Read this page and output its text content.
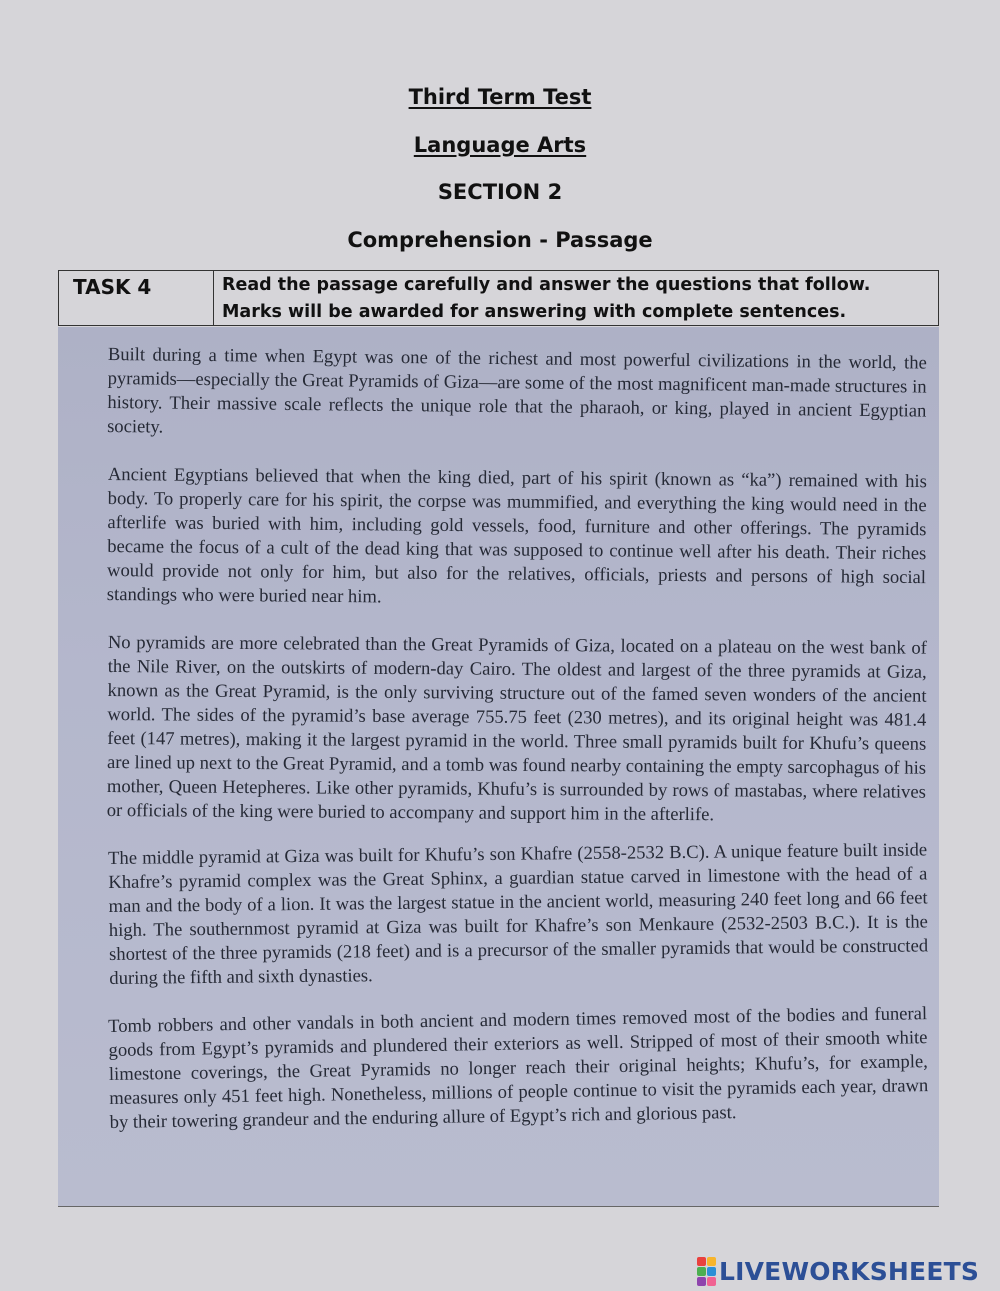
Third Term Test
Language Arts
SECTION 2
Comprehension - Passage
TASK 4	Read the passage carefully and answer the questions that follow. Marks will be awarded for answering with complete sentences.

Built during a time when Egypt was one of the richest and most powerful civilizations in the world, the pyramids—especially the Great Pyramids of Giza—are some of the most magnificent man-made structures in history. Their massive scale reflects the unique role that the pharaoh, or king, played in ancient Egyptian society.

Ancient Egyptians believed that when the king died, part of his spirit (known as “ka”) remained with his body. To properly care for his spirit, the corpse was mummified, and everything the king would need in the afterlife was buried with him, including gold vessels, food, furniture and other offerings. The pyramids became the focus of a cult of the dead king that was supposed to continue well after his death. Their riches would provide not only for him, but also for the relatives, officials, priests and persons of high social standings who were buried near him.

No pyramids are more celebrated than the Great Pyramids of Giza, located on a plateau on the west bank of the Nile River, on the outskirts of modern-day Cairo. The oldest and largest of the three pyramids at Giza, known as the Great Pyramid, is the only surviving structure out of the famed seven wonders of the ancient world. The sides of the pyramid’s base average 755.75 feet (230 metres), and its original height was 481.4 feet (147 metres), making it the largest pyramid in the world. Three small pyramids built for Khufu’s queens are lined up next to the Great Pyramid, and a tomb was found nearby containing the empty sarcophagus of his mother, Queen Hetepheres. Like other pyramids, Khufu’s is surrounded by rows of mastabas, where relatives or officials of the king were buried to accompany and support him in the afterlife.

The middle pyramid at Giza was built for Khufu’s son Khafre (2558-2532 B.C). A unique feature built inside Khafre’s pyramid complex was the Great Sphinx, a guardian statue carved in limestone with the head of a man and the body of a lion. It was the largest statue in the ancient world, measuring 240 feet long and 66 feet high. The southernmost pyramid at Giza was built for Khafre’s son Menkaure (2532-2503 B.C.). It is the shortest of the three pyramids (218 feet) and is a precursor of the smaller pyramids that would be constructed during the fifth and sixth dynasties.

Tomb robbers and other vandals in both ancient and modern times removed most of the bodies and funeral goods from Egypt’s pyramids and plundered their exteriors as well. Stripped of most of their smooth white limestone coverings, the Great Pyramids no longer reach their original heights; Khufu’s, for example, measures only 451 feet high. Nonetheless, millions of people continue to visit the pyramids each year, drawn by their towering grandeur and the enduring allure of Egypt’s rich and glorious past.

LIVEWORKSHEETS
